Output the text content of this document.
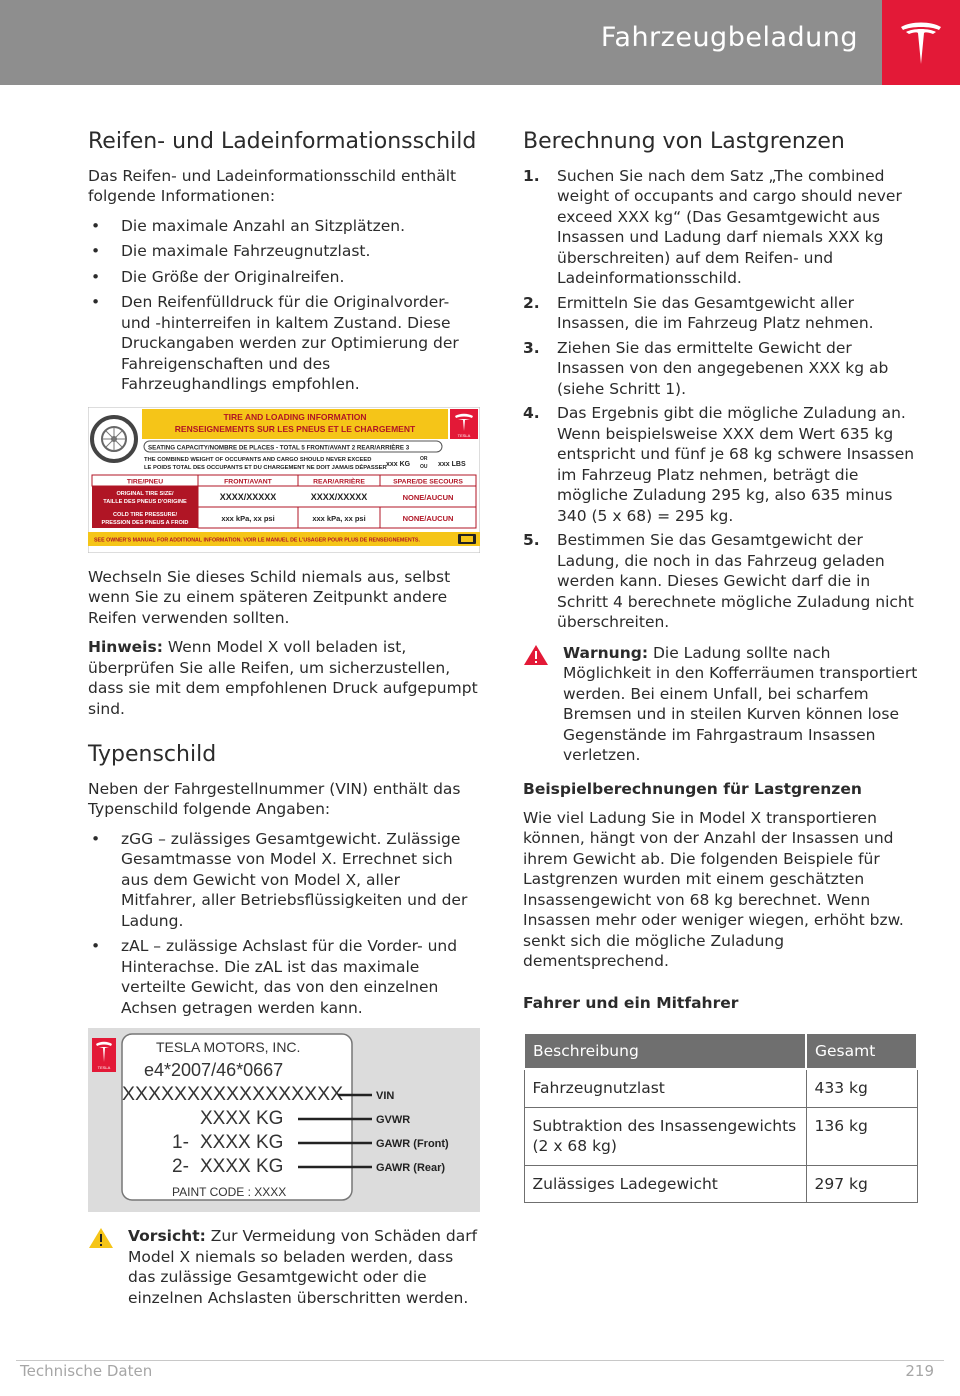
Fahrzeugbeladung
Reifen- und Ladeinformationsschild

Das Reifen- und Ladeinformationsschild enthält folgende Informationen:

• Die maximale Anzahl an Sitzplätzen.
• Die maximale Fahrzeugnutzlast.
• Die Größe der Originalreifen.
• Den Reifenfülldruck für die Originalvorder- und -hinterreifen in kaltem Zustand. Diese Druckangaben werden zur Optimierung der Fahreigenschaften und des Fahrzeughandlings empfohlen.
TIRE AND LOADING INFORMATION
RENSEIGNEMENTS SUR LES PNEUS ET LE CHARGEMENT
TESLA
SEATING CAPACITY/NOMBRE DE PLACES - TOTAL 5 FRONT/AVANT 2 REAR/ARRIÈRE 3
THE COMBINED WEIGHT OF OCCUPANTS AND CARGO SHOULD NEVER EXCEED
LE POIDS TOTAL DES OCCUPANTS ET DU CHARGEMENT NE DOIT JAMAIS DÉPASSER xxx KG
OR
OU xxx LBS
TIRE/PNEU	FRONT/AVANT	REAR/ARRIÈRE	SPARE/DE SECOURS
ORIGINAL TIRE SIZE/
TAILLE DES PNEUS D'ORIGINE	XXXX/XXXXX	XXXX/XXXXX	NONE/AUCUN
COLD TIRE PRESSURE/
PRESSION DES PNEUS A FROID	xxx kPa, xx psi	xxx kPa, xx psi	NONE/AUCUN
SEE OWNER'S MANUAL FOR ADDITIONAL INFORMATION. VOIR LE MANUEL DE L'USAGER POUR PLUS DE RENSEIGNEMENTS.

Wechseln Sie dieses Schild niemals aus, selbst wenn Sie zu einem späteren Zeitpunkt andere Reifen verwenden sollten.

Hinweis: Wenn Model X voll beladen ist, überprüfen Sie alle Reifen, um sicherzustellen, dass sie mit dem empfohlenen Druck aufgepumpt sind.

Typenschild

Neben der Fahrgestellnummer (VIN) enthält das Typenschild folgende Angaben:

• zGG – zulässiges Gesamtgewicht. Zulässige Gesamtmasse von Model X. Errechnet sich aus dem Gewicht von Model X, aller Mitfahrer, aller Betriebsflüssigkeiten und der Ladung.
• zAL – zulässige Achslast für die Vorder- und Hinterachse. Die zAL ist das maximale verteilte Gewicht, das von den einzelnen Achsen getragen werden kann.
TESLA
TESLA MOTORS, INC.
e4*2007/46*0667
XXXXXXXXXXXXXXXXX
XXXX KG
1- XXXX KG
2- XXXX KG
PAINT CODE : XXXX
VIN
GVWR
GAWR (Front)
GAWR (Rear)

Vorsicht: Zur Vermeidung von Schäden darf Model X niemals so beladen werden, dass das zulässige Gesamtgewicht oder die einzelnen Achslasten überschritten werden.

Berechnung von Lastgrenzen
1. Suchen Sie nach dem Satz „The combined weight of occupants and cargo should never exceed XXX kg“ (Das Gesamtgewicht aus Insassen und Ladung darf niemals XXX kg überschreiten) auf dem Reifen- und Ladeinformationsschild.
2. Ermitteln Sie das Gesamtgewicht aller Insassen, die im Fahrzeug Platz nehmen.
3. Ziehen Sie das ermittelte Gewicht der Insassen von den angegebenen XXX kg ab (siehe Schritt 1).
4. Das Ergebnis gibt die mögliche Zuladung an. Wenn beispielsweise XXX dem Wert 635 kg entspricht und fünf je 68 kg schwere Insassen im Fahrzeug Platz nehmen, beträgt die mögliche Zuladung 295 kg, also 635 minus 340 (5 x 68) = 295 kg.
5. Bestimmen Sie das Gesamtgewicht der Ladung, die noch in das Fahrzeug geladen werden kann. Dieses Gewicht darf die in Schritt 4 berechnete mögliche Zuladung nicht überschreiten.

Warnung: Die Ladung sollte nach Möglichkeit in den Kofferräumen transportiert werden. Bei einem Unfall, bei scharfem Bremsen und in steilen Kurven können lose Gegenstände im Fahrgastraum Insassen verletzen.

Beispielberechnungen für Lastgrenzen

Wie viel Ladung Sie in Model X transportieren können, hängt von der Anzahl der Insassen und ihrem Gewicht ab. Die folgenden Beispiele für Lastgrenzen wurden mit einem geschätzten Insassengewicht von 68 kg berechnet. Wenn Insassen mehr oder weniger wiegen, erhöht bzw. senkt sich die mögliche Zuladung dementsprechend.

Fahrer und ein Mitfahrer
Beschreibung	Gesamt
Fahrzeugnutzlast	433 kg
Subtraktion des Insassengewichts (2 x 68 kg)	136 kg
Zulässiges Ladegewicht	297 kg
Technische Daten	219
